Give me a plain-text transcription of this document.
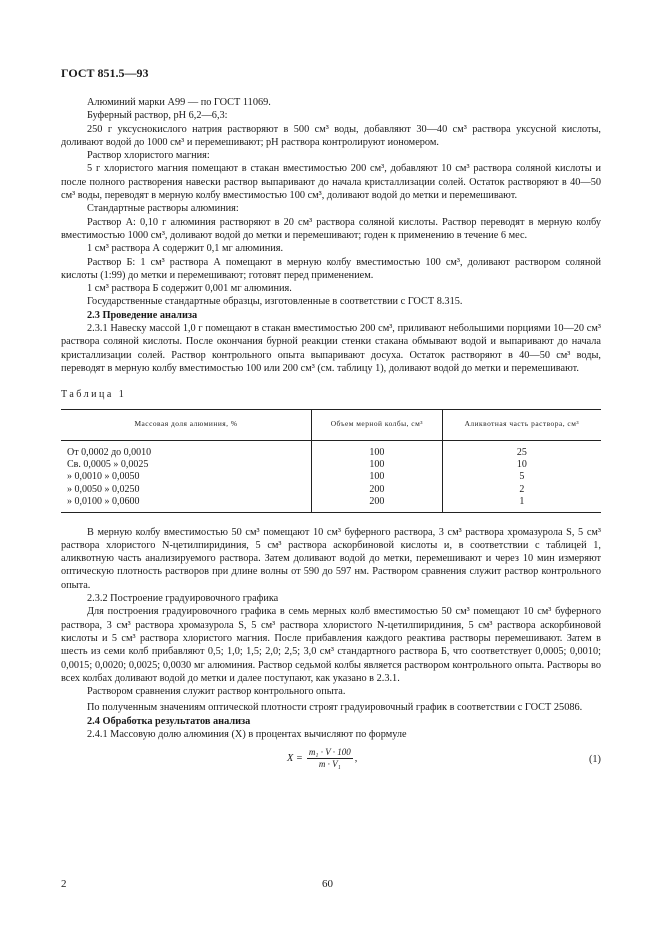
ГОСТ 851.5—93

Алюминий марки А99 — по ГОСТ 11069.

Буферный раствор, pH 6,2—6,3:

250 г уксуснокислого натрия растворяют в 500 см³ воды, добавляют 30—40 см³ раствора уксусной кислоты, доливают водой до 1000 см³ и перемешивают; pH раствора контролируют иономером.

Раствор хлористого магния:

5 г хлористого магния помещают в стакан вместимостью 200 см³, добавляют 10 см³ раствора соляной кислоты и после полного растворения навески раствор выпаривают до начала кристаллизации солей. Остаток растворяют в 40—50 см³ воды, переводят в мерную колбу вместимостью 100 см³, доливают водой до метки и перемешивают.

Стандартные растворы алюминия:

Раствор А: 0,10 г алюминия растворяют в 20 см³ раствора соляной кислоты. Раствор переводят в мерную колбу вместимостью 1000 см³, доливают водой до метки и перемешивают; годен к применению в течение 6 мес.

1 см³ раствора А содержит 0,1 мг алюминия.

Раствор Б: 1 см³ раствора А помещают в мерную колбу вместимостью 100 см³, доливают раствором соляной кислоты (1:99) до метки и перемешивают; готовят перед применением.

1 см³ раствора Б содержит 0,001 мг алюминия.

Государственные стандартные образцы, изготовленные в соответствии с ГОСТ 8.315.

2.3 Проведение анализа

2.3.1 Навеску массой 1,0 г помещают в стакан вместимостью 200 см³, приливают небольшими порциями 10—20 см³ раствора соляной кислоты. После окончания бурной реакции стенки стакана обмывают водой и выпаривают до начала кристаллизации солей. Раствор контрольного опыта выпаривают досуха. Остаток растворяют в 40—50 см³ воды, переводят в мерную колбу вместимостью 100 или 200 см³ (см. таблицу 1), доливают водой до метки и перемешивают.

Таблица 1
Массовая доля алюминия, %	Объем мерной колбы, см³	Аликвотная часть раствора, см³
От 0,0002 до 0,0010	100	25
Св. 0,0005 » 0,0025	100	10
» 0,0010 » 0,0050	100	5
» 0,0050 » 0,0250	200	2
» 0,0100 » 0,0600	200	1

В мерную колбу вместимостью 50 см³ помещают 10 см³ буферного раствора, 3 см³ раствора хромазурола S, 5 см³ раствора хлористого N-цетилпиридиния, 5 см³ раствора аскорбиновой кислоты и, в соответствии с таблицей 1, аликвотную часть анализируемого раствора. Затем доливают водой до метки, перемешивают и через 10 мин измеряют оптическую плотность растворов при длине волны от 590 до 597 нм. Раствором сравнения служит раствор контрольного опыта.

2.3.2 Построение градуировочного графика

Для построения градуировочного графика в семь мерных колб вместимостью 50 см³ помещают 10 см³ буферного раствора, 3 см³ раствора хромазурола S, 5 см³ раствора хлористого N-цетилпиридиния, 5 см³ раствора аскорбиновой кислоты и 5 см³ раствора хлористого магния. После прибавления каждого реактива растворы перемешивают. Затем в шесть из семи колб прибавляют 0,5; 1,0; 1,5; 2,0; 2,5; 3,0 см³ стандартного раствора Б, что соответствует 0,0005; 0,0010; 0,0015; 0,0020; 0,0025; 0,0030 мг алюминия. Раствор седьмой колбы является раствором контрольного опыта. Растворы во всех колбах доливают водой до метки и далее поступают, как указано в 2.3.1.

Раствором сравнения служит раствор контрольного опыта.

По полученным значениям оптической плотности строят градуировочный график в соответствии с ГОСТ 25086.

2.4 Обработка результатов анализа

2.4.1 Массовую долю алюминия (X) в процентах вычисляют по формуле

$X = \frac{\text{m₁ · V · 100}}{\text{m · V₁}}$ ,	(1)
2	60
